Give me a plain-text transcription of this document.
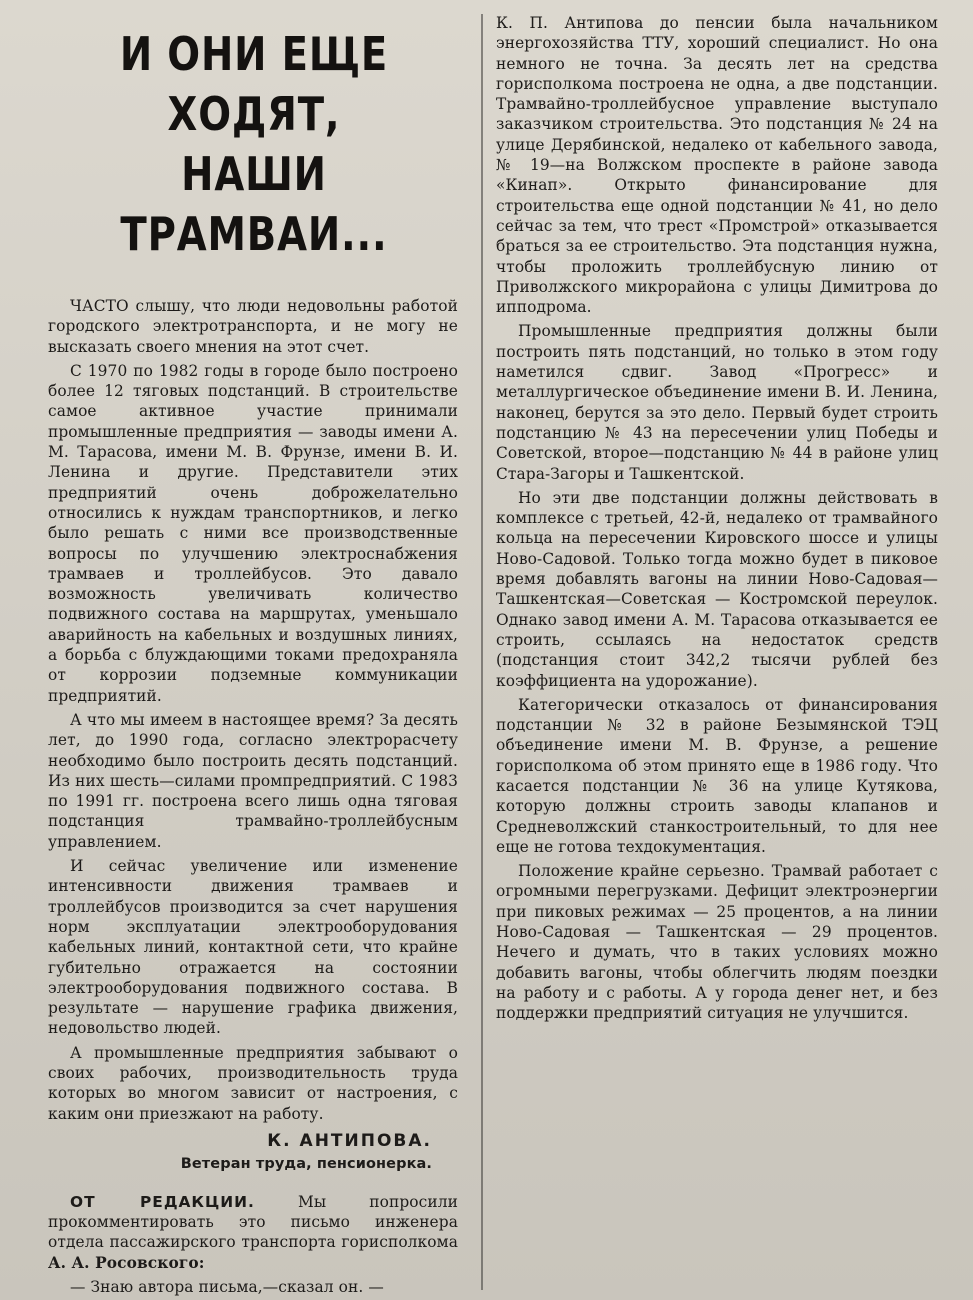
И ОНИ ЕЩЕ ХОДЯТ,
НАШИ ТРАМВАИ...

ЧАСТО слышу, что люди недовольны работой городского электротранспорта, и не могу не высказать своего мнения на этот счет.

С 1970 по 1982 годы в городе было построено более 12 тяговых подстанций. В строительстве самое активное участие принимали промышленные предприятия — заводы имени А. М. Тарасова, имени М. В. Фрунзе, имени В. И. Ленина и другие. Представители этих предприятий очень доброжелательно относились к нуждам транспортников, и легко было решать с ними все производственные вопросы по улучшению электроснабжения трамваев и троллейбусов. Это давало возможность увеличивать количество подвижного состава на маршрутах, уменьшало аварийность на кабельных и воздушных линиях, а борьба с блуждающими токами предохраняла от коррозии подземные коммуникации предприятий.

А что мы имеем в настоящее время? За десять лет, до 1990 года, согласно электрорасчету необходимо было построить десять подстанций. Из них шесть—силами промпредприятий. С 1983 по 1991 гг. построена всего лишь одна тяговая подстанция трамвайно-троллейбусным управлением.

И сейчас увеличение или изменение интенсивности движения трамваев и троллейбусов производится за счет нарушения норм эксплуатации электрооборудования кабельных линий, контактной сети, что крайне губительно отражается на состоянии электрооборудования подвижного состава. В результате — нарушение графика движения, недовольство людей.

А промышленные предприятия забывают о своих рабочих, производительность труда которых во многом зависит от настроения, с каким они приезжают на работу.

К. АНТИПОВА.
Ветеран труда, пенсионерка.

ОТ РЕДАКЦИИ.	Мы попросили прокомментировать это письмо инженера отдела пассажирского транспорта горисполкома А. А. Росовского:

— Знаю автора письма,—сказал он. —

К. П. Антипова до пенсии была начальником энергохозяйства ТТУ, хороший специалист. Но она немного не точна. За десять лет на средства горисполкома построена не одна, а две подстанции. Трамвайно-троллейбусное управление выступало заказчиком строительства. Это подстанция № 24 на улице Дерябинской, недалеко от кабельного завода, № 19—на Волжском проспекте в районе завода «Кинап». Открыто финансирование для строительства еще одной подстанции № 41, но дело сейчас за тем, что трест «Промстрой» отказывается браться за ее строительство. Эта подстанция нужна, чтобы проложить троллейбусную линию от Приволжского микрорайона с улицы Димитрова до ипподрома.

Промышленные предприятия должны были построить пять подстанций, но только в этом году наметился сдвиг. Завод «Прогресс» и металлургическое объединение имени В. И. Ленина, наконец, берутся за это дело. Первый будет строить подстанцию № 43 на пересечении улиц Победы и Советской, второе—подстанцию № 44 в районе улиц Стара-Загоры и Ташкентской.

Но эти две подстанции должны действовать в комплексе с третьей, 42-й, недалеко от трамвайного кольца на пересечении Кировского шоссе и улицы Ново-Садовой. Только тогда можно будет в пиковое время добавлять вагоны на линии Ново-Садовая—Ташкентская—Советская — Костромской переулок. Однако завод имени А. М. Тарасова отказывается ее строить, ссылаясь на недостаток средств (подстанция стоит 342,2 тысячи рублей без коэффициента на удорожание).

Категорически отказалось от финансирования подстанции № 32 в районе Безымянской ТЭЦ объединение имени М. В. Фрунзе, а решение горисполкома об этом принято еще в 1986 году. Что касается подстанции № 36 на улице Кутякова, которую должны строить заводы клапанов и Средневолжский станкостроительный, то для нее еще не готова техдокументация.

Положение крайне серьезно. Трамвай работает с огромными перегрузками. Дефицит электроэнергии при пиковых режимах — 25 процентов, а на линии Ново-Садовая — Ташкентская — 29 процентов. Нечего и думать, что в таких условиях можно добавить вагоны, чтобы облегчить людям поездки на работу и с работы. А у города денег нет, и без поддержки предприятий ситуация не улучшится.
